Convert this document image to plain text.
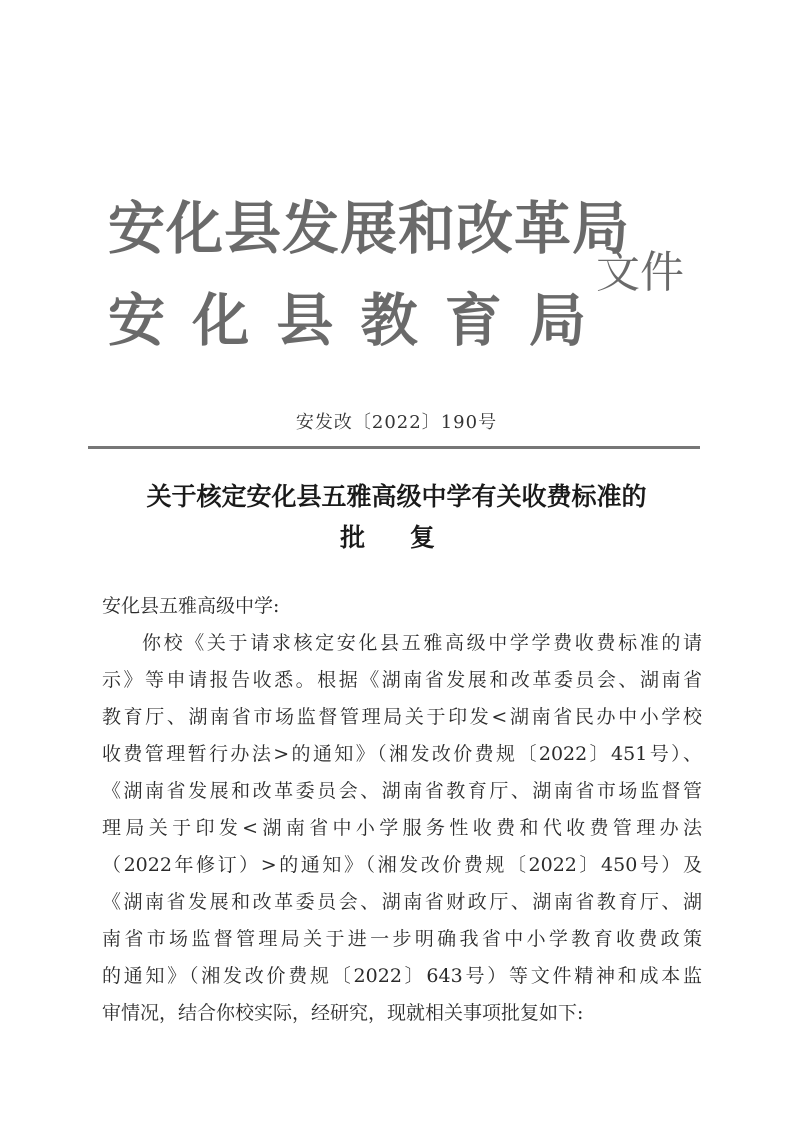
安化县发展和改革局
安 化 县 教 育 局
文件
安发改〔2022〕190号
关于核定安化县五雅高级中学有关收费标准的
批 复
安化县五雅高级中学:
你校《关于请求核定安化县五雅高级中学学费收费标准的请
示》等申请报告收悉。根据《湖南省发展和改革委员会、湖南省
教育厅、湖南省市场监督管理局关于印发<湖南省民办中小学校
收费管理暂行办法>的通知》（湘发改价费规〔2022〕451号）、
《湖南省发展和改革委员会、湖南省教育厅、湖南省市场监督管
理局关于印发<湖南省中小学服务性收费和代收费管理办法
（2022年修订）>的通知》（湘发改价费规〔2022〕450号）及
《湖南省发展和改革委员会、湖南省财政厅、湖南省教育厅、湖
南省市场监督管理局关于进一步明确我省中小学教育收费政策
的通知》（湘发改价费规〔2022〕643号）等文件精神和成本监
审情况，结合你校实际，经研究，现就相关事项批复如下:
